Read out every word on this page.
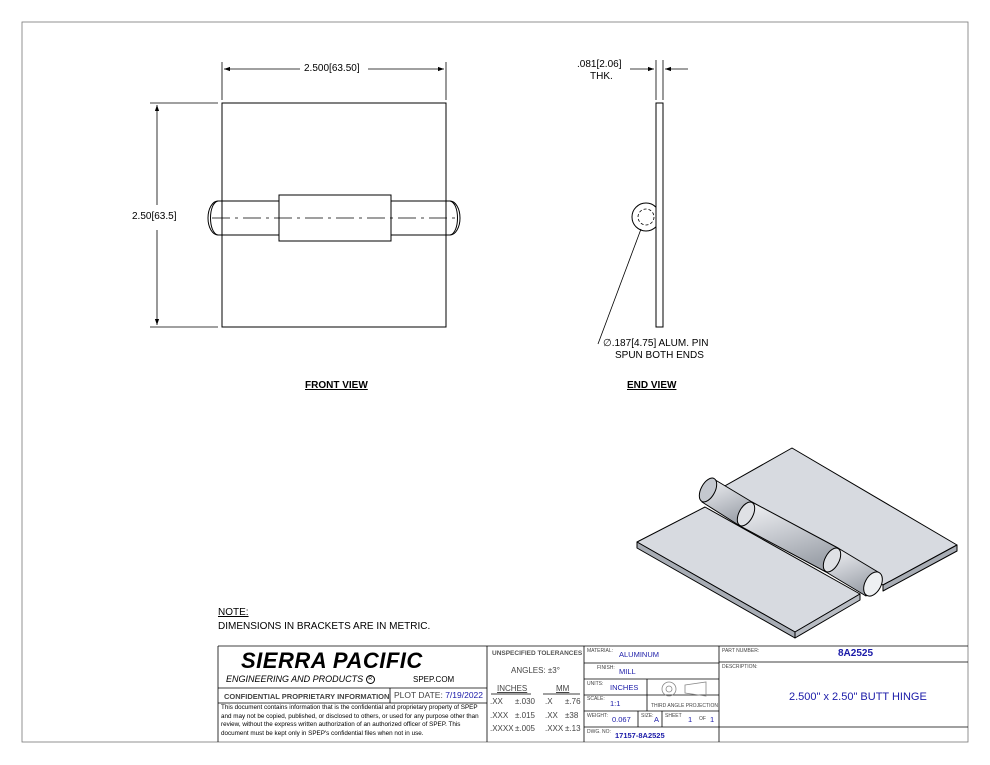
2.500[63.50]
2.50[63.5]
FRONT VIEW
.081[2.06]
THK.
∅.187[4.75] ALUM. PIN
SPUN BOTH ENDS
END VIEW
NOTE:
DIMENSIONS IN BRACKETS ARE IN METRIC.
SIERRA PACIFIC
ENGINEERING AND PRODUCTS R	SPEP.COM
CONFIDENTIAL PROPRIETARY INFORMATION PLOT DATE: 7/19/2022
This document contains information that is the confidential and proprietary property of SPEP and may not be copied, published, or disclosed to others, or used for any purpose other than review, without the express written authorization of an authorized officer of SPEP. This document must be kept only in SPEP's confidential files when not in use.
UNSPECIFIED TOLERANCES
ANGLES: ±3°
INCHES	MM
.XX ±.030 .X ±.76
.XXX ±.015 .XX ±38
.XXXX±.005 .XXX ±.13
MATERIAL: ALUMINUM
FINISH: MILL
UNITS: INCHES
SCALE: 1:1	THIRD ANGLE PROJECTION
WEIGHT: 0.067 SIZE: A SHEET 1 OF 1
DWG. NO: 17157-8A2525
PART NUMBER:	8A2525
DESCRIPTION:
2.500" x 2.50" BUTT HINGE
